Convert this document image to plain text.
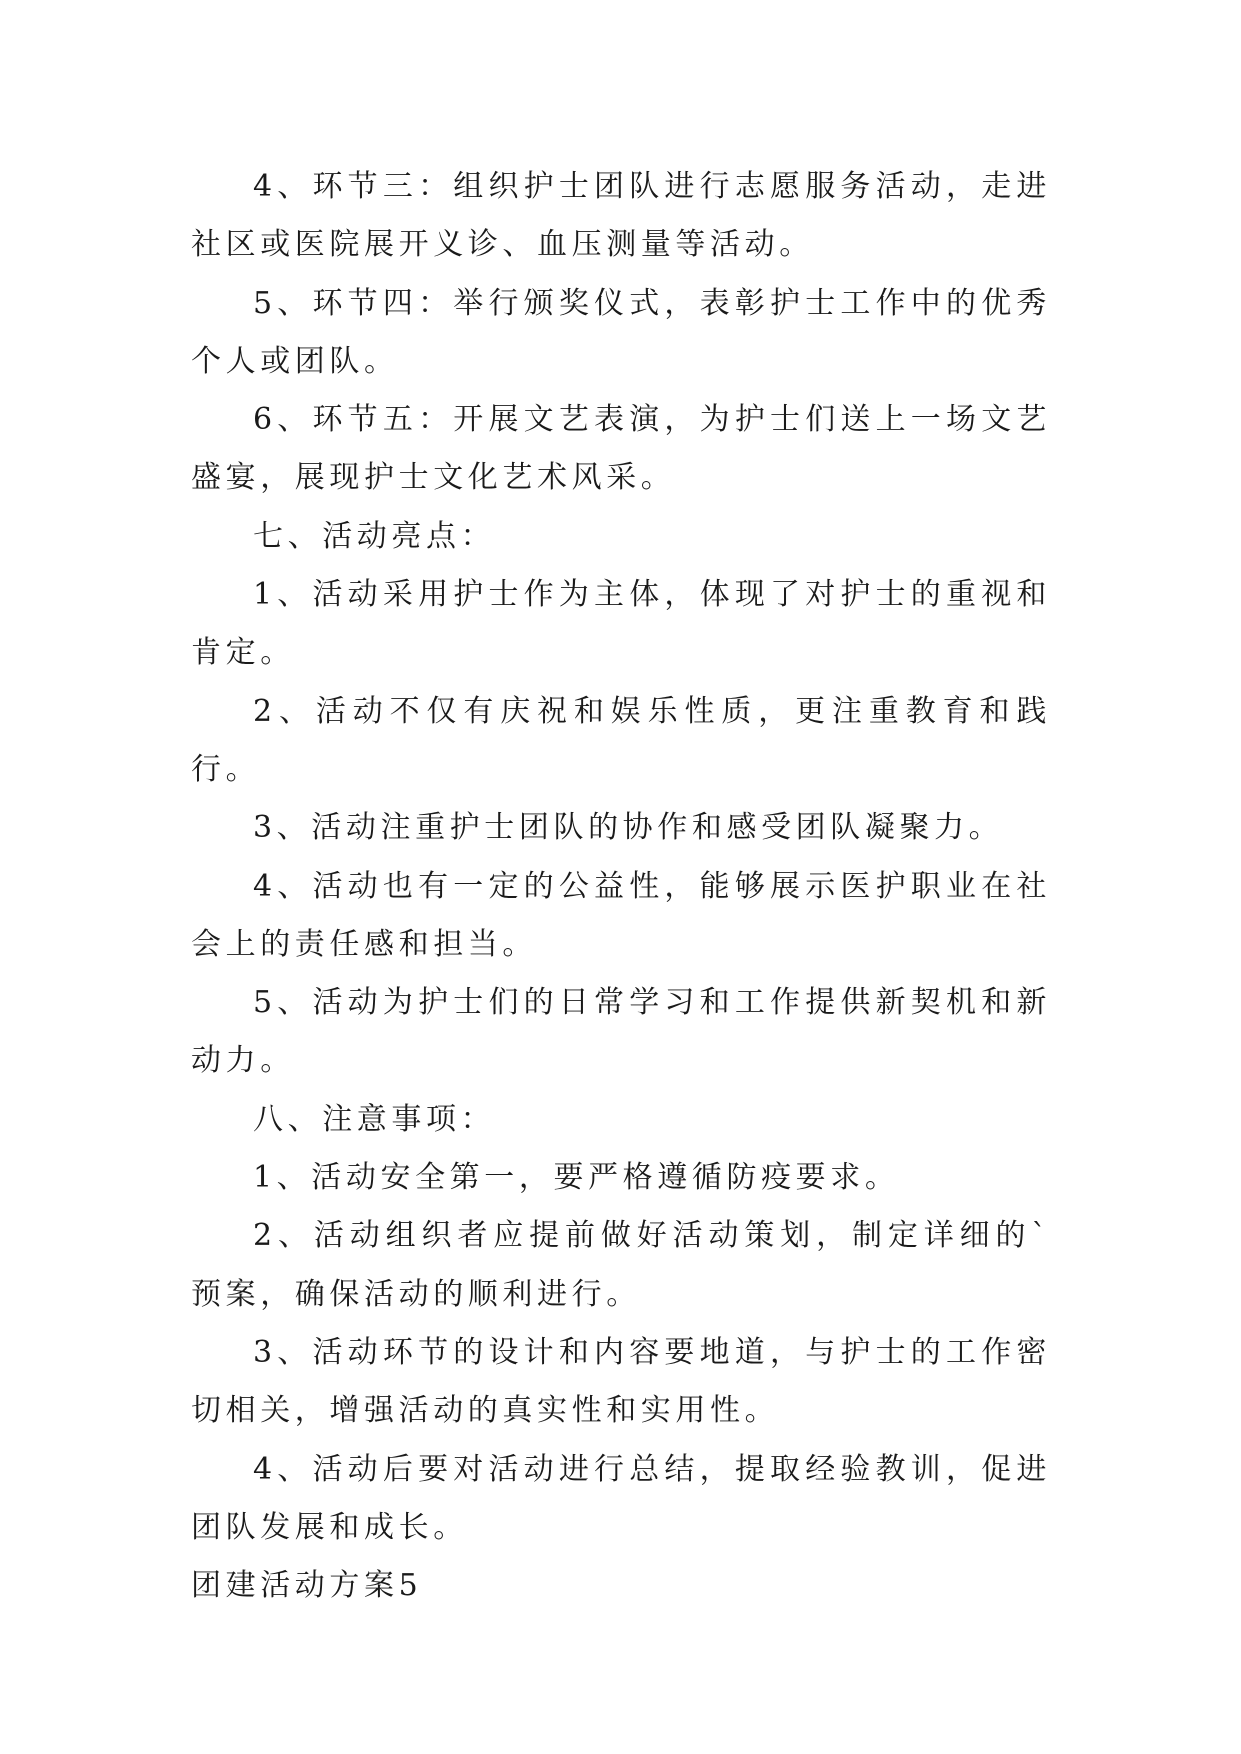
4、环节三：组织护士团队进行志愿服务活动，走进社区或医院展开义诊、血压测量等活动。

5、环节四：举行颁奖仪式，表彰护士工作中的优秀个人或团队。

6、环节五：开展文艺表演，为护士们送上一场文艺盛宴，展现护士文化艺术风采。

七、活动亮点：

1、活动采用护士作为主体，体现了对护士的重视和肯定。

2、活动不仅有庆祝和娱乐性质，更注重教育和践行。

3、活动注重护士团队的协作和感受团队凝聚力。

4、活动也有一定的公益性，能够展示医护职业在社会上的责任感和担当。

5、活动为护士们的日常学习和工作提供新契机和新动力。

八、注意事项：

1、活动安全第一，要严格遵循防疫要求。

2、活动组织者应提前做好活动策划，制定详细的`预案，确保活动的顺利进行。

3、活动环节的设计和内容要地道，与护士的工作密切相关，增强活动的真实性和实用性。

4、活动后要对活动进行总结，提取经验教训，促进团队发展和成长。

团建活动方案5
